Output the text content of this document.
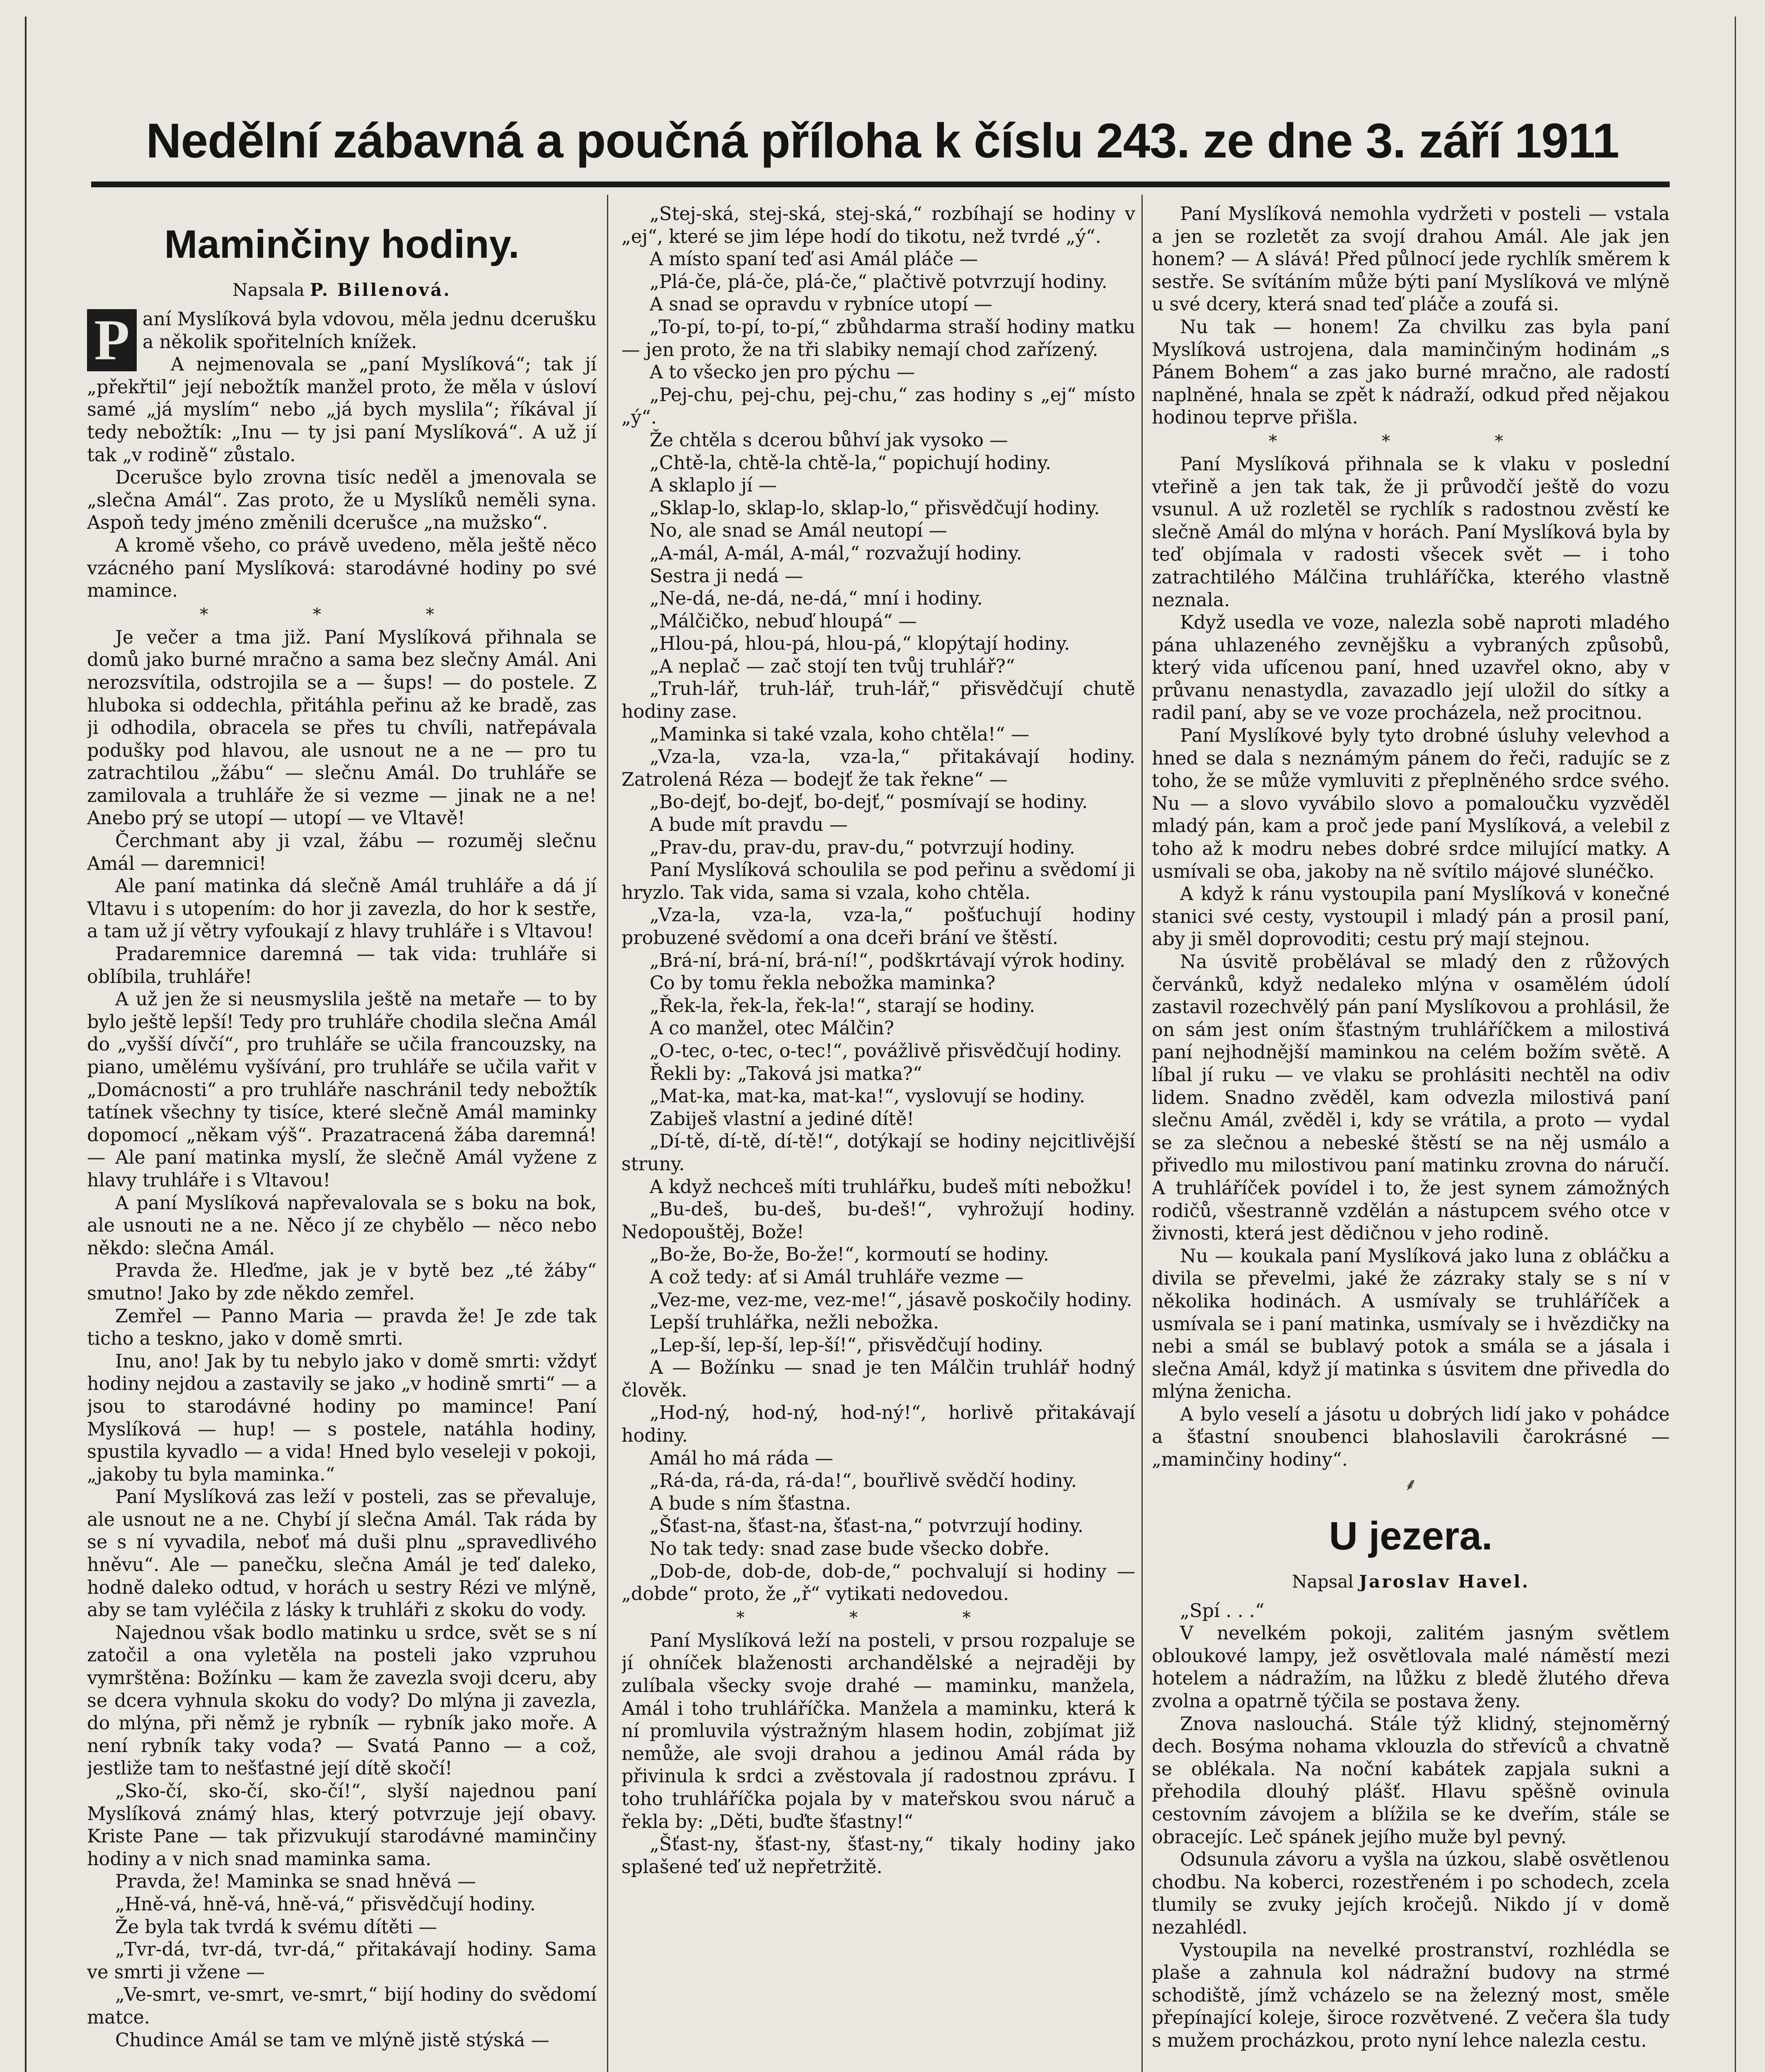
Nedělní zábavná a poučná příloha k číslu 243. ze dne 3. září 1911
Maminčiny hodiny.
Napsala P. Billenová.
P aní Myslíková byla vdovou, měla jednu dcerušku a několik spořitelních knížek.

A nejmenovala se „paní Myslíková“; tak jí „překřtil“ její nebožtík manžel proto, že měla v úsloví samé „já myslím“ nebo „já bych myslila“; říkával jí tedy nebožtík: „Inu — ty jsi paní Myslíková“. A už jí tak „v rodině“ zůstalo.

Dcerušce bylo zrovna tisíc neděl a jmenovala se „slečna Amál“. Zas proto, že u Myslíků neměli syna. Aspoň tedy jméno změnili dcerušce „na mužsko“.

A kromě všeho, co právě uvedeno, měla ještě něco vzácného paní Myslíková: starodávné hodiny po své mamince.

* * *

Je večer a tma již. Paní Myslíková přihnala se domů jako burné mračno a sama bez slečny Amál. Ani nerozsvítila, odstrojila se a — šups! — do postele. Z hluboka si oddechla, přitáhla peřinu až ke bradě, zas ji odhodila, obracela se přes tu chvíli, natřepávala podušky pod hlavou, ale usnout ne a ne — pro tu zatrachtilou „žábu“ — slečnu Amál. Do truhláře se zamilovala a truhláře že si vezme — jinak ne a ne! Anebo prý se utopí — utopí — ve Vltavě!

Čerchmant aby ji vzal, žábu — rozuměj slečnu Amál — daremnici!

Ale paní matinka dá slečně Amál truhláře a dá jí Vltavu i s utopením: do hor ji zavezla, do hor k sestře, a tam už jí větry vyfoukají z hlavy truhláře i s Vltavou!

Pradaremnice daremná — tak vida: truhláře si oblíbila, truhláře!

A už jen že si neusmyslila ještě na metaře — to by bylo ještě lepší! Tedy pro truhláře chodila slečna Amál do „vyšší dívčí“, pro truhláře se učila francouzsky, na piano, umělému vyšívání, pro truhláře se učila vařit v „Domácnosti“ a pro truhláře naschránil tedy nebožtík tatínek všechny ty tisíce, které slečně Amál maminky dopomocí „někam výš“. Prazatracená žába daremná! — Ale paní matinka myslí, že slečně Amál vyžene z hlavy truhláře i s Vltavou!

A paní Myslíková napřevalovala se s boku na bok, ale usnouti ne a ne. Něco jí ze chybělo — něco nebo někdo: slečna Amál.

Pravda že. Hleďme, jak je v bytě bez „té žáby“ smutno! Jako by zde někdo zemřel.

Zemřel — Panno Maria — pravda že! Je zde tak ticho a teskno, jako v domě smrti.

Inu, ano! Jak by tu nebylo jako v domě smrti: vždyť hodiny nejdou a zastavily se jako „v hodině smrti“ — a jsou to starodávné hodiny po mamince! Paní Myslíková — hup! — s postele, natáhla hodiny, spustila kyvadlo — a vida! Hned bylo veseleji v pokoji, „jakoby tu byla maminka.“

Paní Myslíková zas leží v posteli, zas se převaluje, ale usnout ne a ne. Chybí jí slečna Amál. Tak ráda by se s ní vyvadila, neboť má duši plnu „spravedlivého hněvu“. Ale — panečku, slečna Amál je teď daleko, hodně daleko odtud, v horách u sestry Rézi ve mlýně, aby se tam vyléčila z lásky k truhláři z skoku do vody.

Najednou však bodlo matinku u srdce, svět se s ní zatočil a ona vyletěla na posteli jako vzpruhou vymrštěna: Božínku — kam že zavezla svoji dceru, aby se dcera vyhnula skoku do vody? Do mlýna ji zavezla, do mlýna, při němž je rybník — rybník jako moře. A není rybník taky voda? — Svatá Panno — a což, jestliže tam to nešťastné její dítě skočí!

„Sko-čí, sko-čí, sko-čí!“, slyší najednou paní Myslíková známý hlas, který potvrzuje její obavy. Kriste Pane — tak přizvukují starodávné maminčiny hodiny a v nich snad maminka sama.

Pravda, že! Maminka se snad hněvá —

„Hně-vá, hně-vá, hně-vá,“ přisvědčují hodiny.

Že byla tak tvrdá k svému dítěti —

„Tvr-dá, tvr-dá, tvr-dá,“ přitakávají hodiny. Sama ve smrti ji vžene —

„Ve-smrt, ve-smrt, ve-smrt,“ bijí hodiny do svědomí matce.

Chudince Amál se tam ve mlýně jistě stýská —

„Stej-ská, stej-ská, stej-ská,“ rozbíhají se hodiny v „ej“, které se jim lépe hodí do tikotu, než tvrdé „ý“.

A místo spaní teď asi Amál pláče —

„Plá-če, plá-če, plá-če,“ plačtivě potvrzují hodiny.

A snad se opravdu v rybníce utopí —

„To-pí, to-pí, to-pí,“ zbůhdarma straší hodiny matku — jen proto, že na tři slabiky nemají chod zařízený.

A to všecko jen pro pýchu —

„Pej-chu, pej-chu, pej-chu,“ zas hodiny s „ej“ místo „ý“.

Že chtěla s dcerou bůhví jak vysoko —

„Chtě-la, chtě-la chtě-la,“ popichují hodiny.

A sklaplo jí —

„Sklap-lo, sklap-lo, sklap-lo,“ přisvědčují hodiny.

No, ale snad se Amál neutopí —

„A-mál, A-mál, A-mál,“ rozvažují hodiny.

Sestra ji nedá —

„Ne-dá, ne-dá, ne-dá,“ mní i hodiny.

„Málčičko, nebuď hloupá“ —

„Hlou-pá, hlou-pá, hlou-pá,“ klopýtají hodiny.

„A neplač — zač stojí ten tvůj truhlář?“

„Truh-lář, truh-lář, truh-lář,“ přisvědčují chutě hodiny zase.

„Maminka si také vzala, koho chtěla!“ —

„Vza-la, vza-la, vza-la,“ přitakávají hodiny. Zatrolená Réza — bodejť že tak řekne“ —

„Bo-dejť, bo-dejť, bo-dejť,“ posmívají se hodiny.

A bude mít pravdu —

„Prav-du, prav-du, prav-du,“ potvrzují hodiny.

Paní Myslíková schoulila se pod peřinu a svědomí ji hryzlo. Tak vida, sama si vzala, koho chtěla.

„Vza-la, vza-la, vza-la,“ pošťuchují hodiny probuzené svědomí a ona dceři brání ve štěstí.

„Brá-ní, brá-ní, brá-ní!“, podškrtávají výrok hodiny.

Co by tomu řekla nebožka maminka?

„Řek-la, řek-la, řek-la!“, starají se hodiny.

A co manžel, otec Málčin?

„O-tec, o-tec, o-tec!“, povážlivě přisvědčují hodiny.

Řekli by: „Taková jsi matka?“

„Mat-ka, mat-ka, mat-ka!“, vyslovují se hodiny.

Zabiješ vlastní a jediné dítě!

„Dí-tě, dí-tě, dí-tě!“, dotýkají se hodiny nejcitlivější struny.

A když nechceš míti truhlářku, budeš míti nebožku!

„Bu-deš, bu-deš, bu-deš!“, vyhrožují hodiny. Nedopouštěj, Bože!

„Bo-že, Bo-že, Bo-že!“, kormoutí se hodiny.

A což tedy: ať si Amál truhláře vezme —

„Vez-me, vez-me, vez-me!“, jásavě poskočily hodiny.

Lepší truhlářka, nežli nebožka.

„Lep-ší, lep-ší, lep-ší!“, přisvědčují hodiny.

A — Božínku — snad je ten Málčin truhlář hodný člověk.

„Hod-ný, hod-ný, hod-ný!“, horlivě přitakávají hodiny.

Amál ho má ráda —

„Rá-da, rá-da, rá-da!“, bouřlivě svědčí hodiny.

A bude s ním šťastna.

„Šťast-na, šťast-na, šťast-na,“ potvrzují hodiny.

No tak tedy: snad zase bude všecko dobře.

„Dob-de, dob-de, dob-de,“ pochvalují si hodiny — „dobde“ proto, že „ř“ vytikati nedovedou.

* * *

Paní Myslíková leží na posteli, v prsou rozpaluje se jí ohníček blaženosti archandělské a nejraději by zulíbala všecky svoje drahé — maminku, manžela, Amál i toho truhláříčka. Manžela a maminku, která k ní promluvila výstražným hlasem hodin, zobjímat již nemůže, ale svoji drahou a jedinou Amál ráda by přivinula k srdci a zvěstovala jí radostnou zprávu. I toho truhláříčka pojala by v mateřskou svou náruč a řekla by: „Děti, buďte šťastny!“

„Šťast-ny, šťast-ny, šťast-ny,“ tikaly hodiny jako splašené teď už nepřetržitě.

Paní Myslíková nemohla vydržeti v posteli — vstala a jen se rozletět za svojí drahou Amál. Ale jak jen honem? — A slává! Před půlnocí jede rychlík směrem k sestře. Se svítáním může býti paní Myslíková ve mlýně u své dcery, která snad teď pláče a zoufá si.

Nu tak — honem! Za chvilku zas byla paní Myslíková ustrojena, dala maminčiným hodinám „s Pánem Bohem“ a zas jako burné mračno, ale radostí naplněné, hnala se zpět k nádraží, odkud před nějakou hodinou teprve přišla.

* * *

Paní Myslíková přihnala se k vlaku v poslední vteřině a jen tak tak, že ji průvodčí ještě do vozu vsunul. A už rozletěl se rychlík s radostnou zvěstí ke slečně Amál do mlýna v horách. Paní Myslíková byla by teď objímala v radosti všecek svět — i toho zatrachtilého Málčina truhláříčka, kterého vlastně neznala.

Když usedla ve voze, nalezla sobě naproti mladého pána uhlazeného zevnějšku a vybraných způsobů, který vida ufícenou paní, hned uzavřel okno, aby v průvanu nenastydla, zavazadlo její uložil do sítky a radil paní, aby se ve voze procházela, než procitnou.

Paní Myslíkové byly tyto drobné úsluhy velevhod a hned se dala s neznámým pánem do řeči, radujíc se z toho, že se může vymluviti z přeplněného srdce svého. Nu — a slovo vyvábilo slovo a pomaloučku vyzvěděl mladý pán, kam a proč jede paní Myslíková, a velebil z toho až k modru nebes dobré srdce milující matky. A usmívali se oba, jakoby na ně svítilo májové slunéčko.

A když k ránu vystoupila paní Myslíková v konečné stanici své cesty, vystoupil i mladý pán a prosil paní, aby ji směl doprovoditi; cestu prý mají stejnou.

Na úsvitě probělával se mladý den z růžových červánků, když nedaleko mlýna v osamělém údolí zastavil rozechvělý pán paní Myslíkovou a prohlásil, že on sám jest oním šťastným truhláříčkem a milostivá paní nejhodnější maminkou na celém božím světě. A líbal jí ruku — ve vlaku se prohlásiti nechtěl na odiv lidem. Snadno zvěděl, kam odvezla milostivá paní slečnu Amál, zvěděl i, kdy se vrátila, a proto — vydal se za slečnou a nebeské štěstí se na něj usmálo a přivedlo mu milostivou paní matinku zrovna do náručí. A truhláříček povídel i to, že jest synem zámožných rodičů, všestranně vzdělán a nástupcem svého otce v živnosti, která jest dědičnou v jeho rodině.

Nu — koukala paní Myslíková jako luna z obláčku a divila se převelmi, jaké že zázraky staly se s ní v několika hodinách. A usmívaly se truhláříček a usmívala se i paní matinka, usmívaly se i hvězdičky na nebi a smál se bublavý potok a smála se a jásala i slečna Amál, když jí matinka s úsvitem dne přivedla do mlýna ženicha.

A bylo veselí a jásotu u dobrých lidí jako v pohádce a šťastní snoubenci blahoslavili čarokrásné — „maminčiny hodiny“.

⸙
U jezera.
Napsal Jaroslav Havel.

„Spí . . .“

V nevelkém pokoji, zalitém jasným světlem obloukové lampy, jež osvětlovala malé náměstí mezi hotelem a nádražím, na lůžku z bledě žlutého dřeva zvolna a opatrně týčila se postava ženy.

Znova naslouchá. Stále týž klidný, stejnoměrný dech. Bosýma nohama vklouzla do střevíců a chvatně se oblékala. Na noční kabátek zapjala sukni a přehodila dlouhý plášť. Hlavu spěšně ovinula cestovním závojem a blížila se ke dveřím, stále se obracejíc. Leč spánek jejího muže byl pevný.

Odsunula závoru a vyšla na úzkou, slabě osvětlenou chodbu. Na koberci, rozestřeném i po schodech, zcela tlumily se zvuky jejích kročejů. Nikdo jí v domě nezahlédl.

Vystoupila na nevelké prostranství, rozhlédla se plaše a zahnula kol nádražní budovy na strmé schodiště, jímž vcházelo se na železný most, směle přepínající koleje, široce rozvětvené. Z večera šla tudy s mužem procházkou, proto nyní lehce nalezla cestu.
